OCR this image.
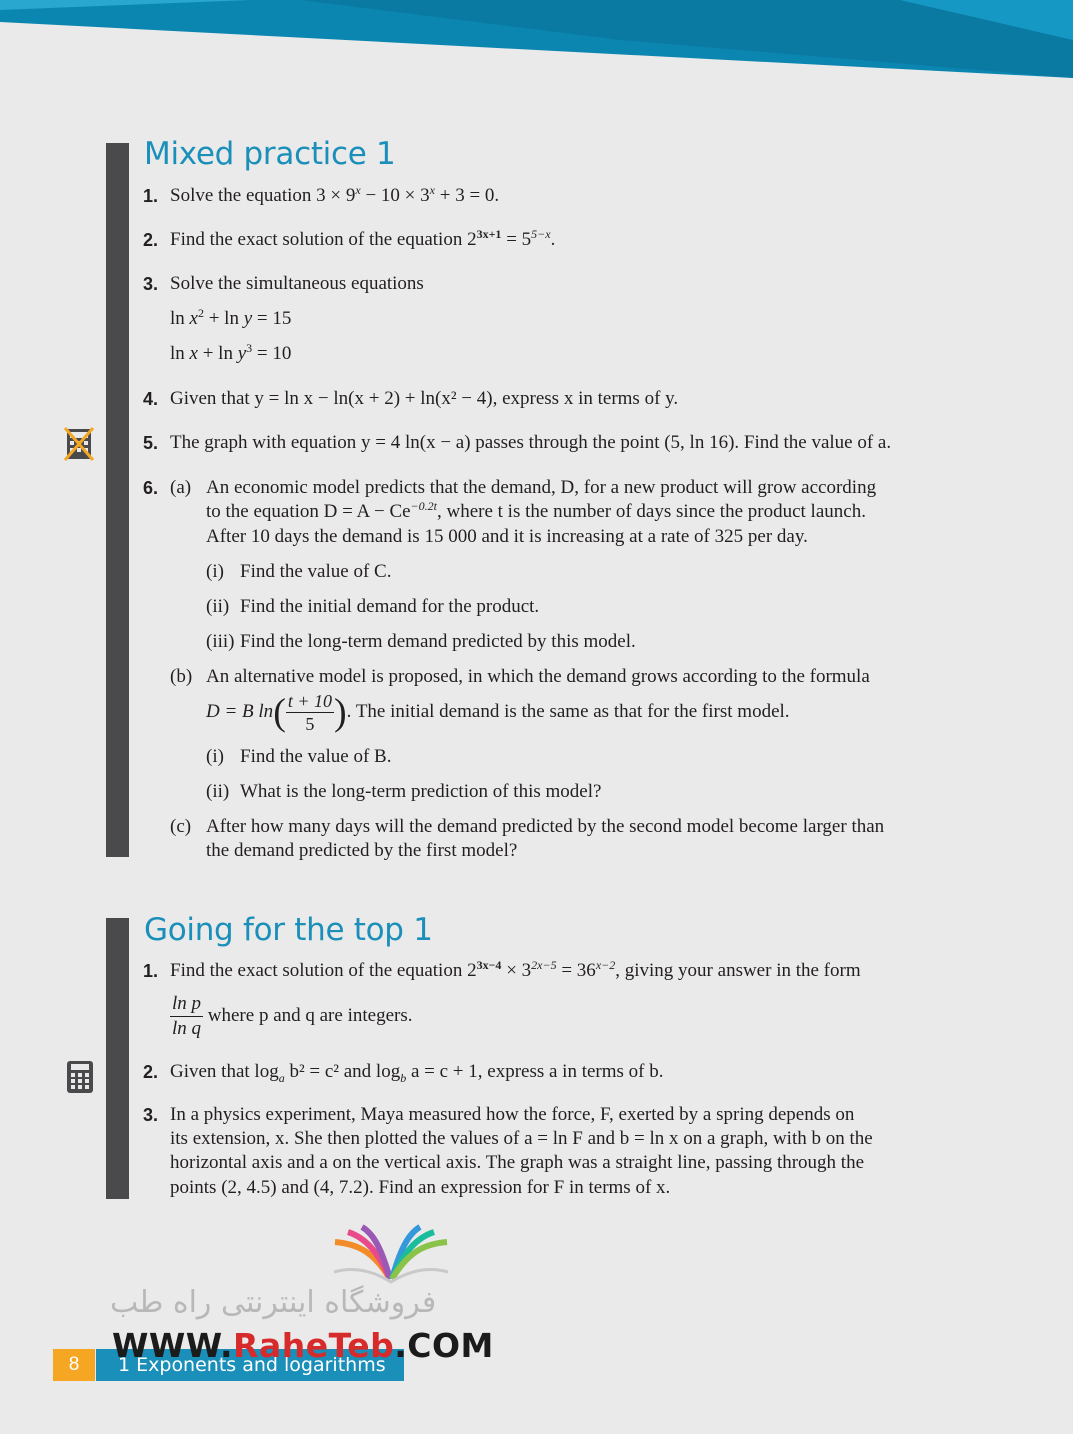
Mixed practice 1
1. Solve the equation $3 \times 9^x - 10 \times 3^x + 3 = 0$.
2. Find the exact solution of the equation $2^{3x+1} = 5^{5-x}$.
3. Solve the simultaneous equations
$\ln x^2 + \ln y = 15$
$\ln x + \ln y^3 = 10$
4. Given that y = ln x − ln(x + 2) + ln(x² − 4), express x in terms of y.
5. The graph with equation y = 4 ln(x − a) passes through the point (5, ln 16). Find the value of a.
6. (a) An economic model predicts that the demand, D, for a new product will grow according
to the equation $D = A - Ce^{-0.2t}$, where t is the number of days since the product launch.
After 10 days the demand is 15 000 and it is increasing at a rate of 325 per day.
(i) Find the value of C.
(ii) Find the initial demand for the product.
(iii) Find the long-term demand predicted by this model.
(b) An alternative model is proposed, in which the demand grows according to the formula
D = B $\ln( \frac{t + 10}{5}$ ). The initial demand is the same as that for the first model.
(i) Find the value of B.
(ii) What is the long-term prediction of this model?
(c) After how many days will the demand predicted by the second model become larger than
the demand predicted by the first model?
Going for the top 1
1. Find the exact solution of the equation $2^{3x-4} \times 3^{2x-5} = 36^{x-2}$, giving your answer in the form
$\frac{\text{ln p}}{\text{ln q}}$ where p and q are integers.
2. Given that $\log_a b^2 = c^2$ and $\log_b a = c + 1$, express a in terms of b.
3. In a physics experiment, Maya measured how the force, F, exerted by a spring depends on
its extension, x. She then plotted the values of a = ln F and b = ln x on a graph, with b on the
horizontal axis and a on the vertical axis. The graph was a straight line, passing through the
points (2, 4.5) and (4, 7.2). Find an expression for F in terms of x.
فروشگاه اینترنتی راه طب
8	1 Exponents and logarithms
WWW.RaheTeb.COM
